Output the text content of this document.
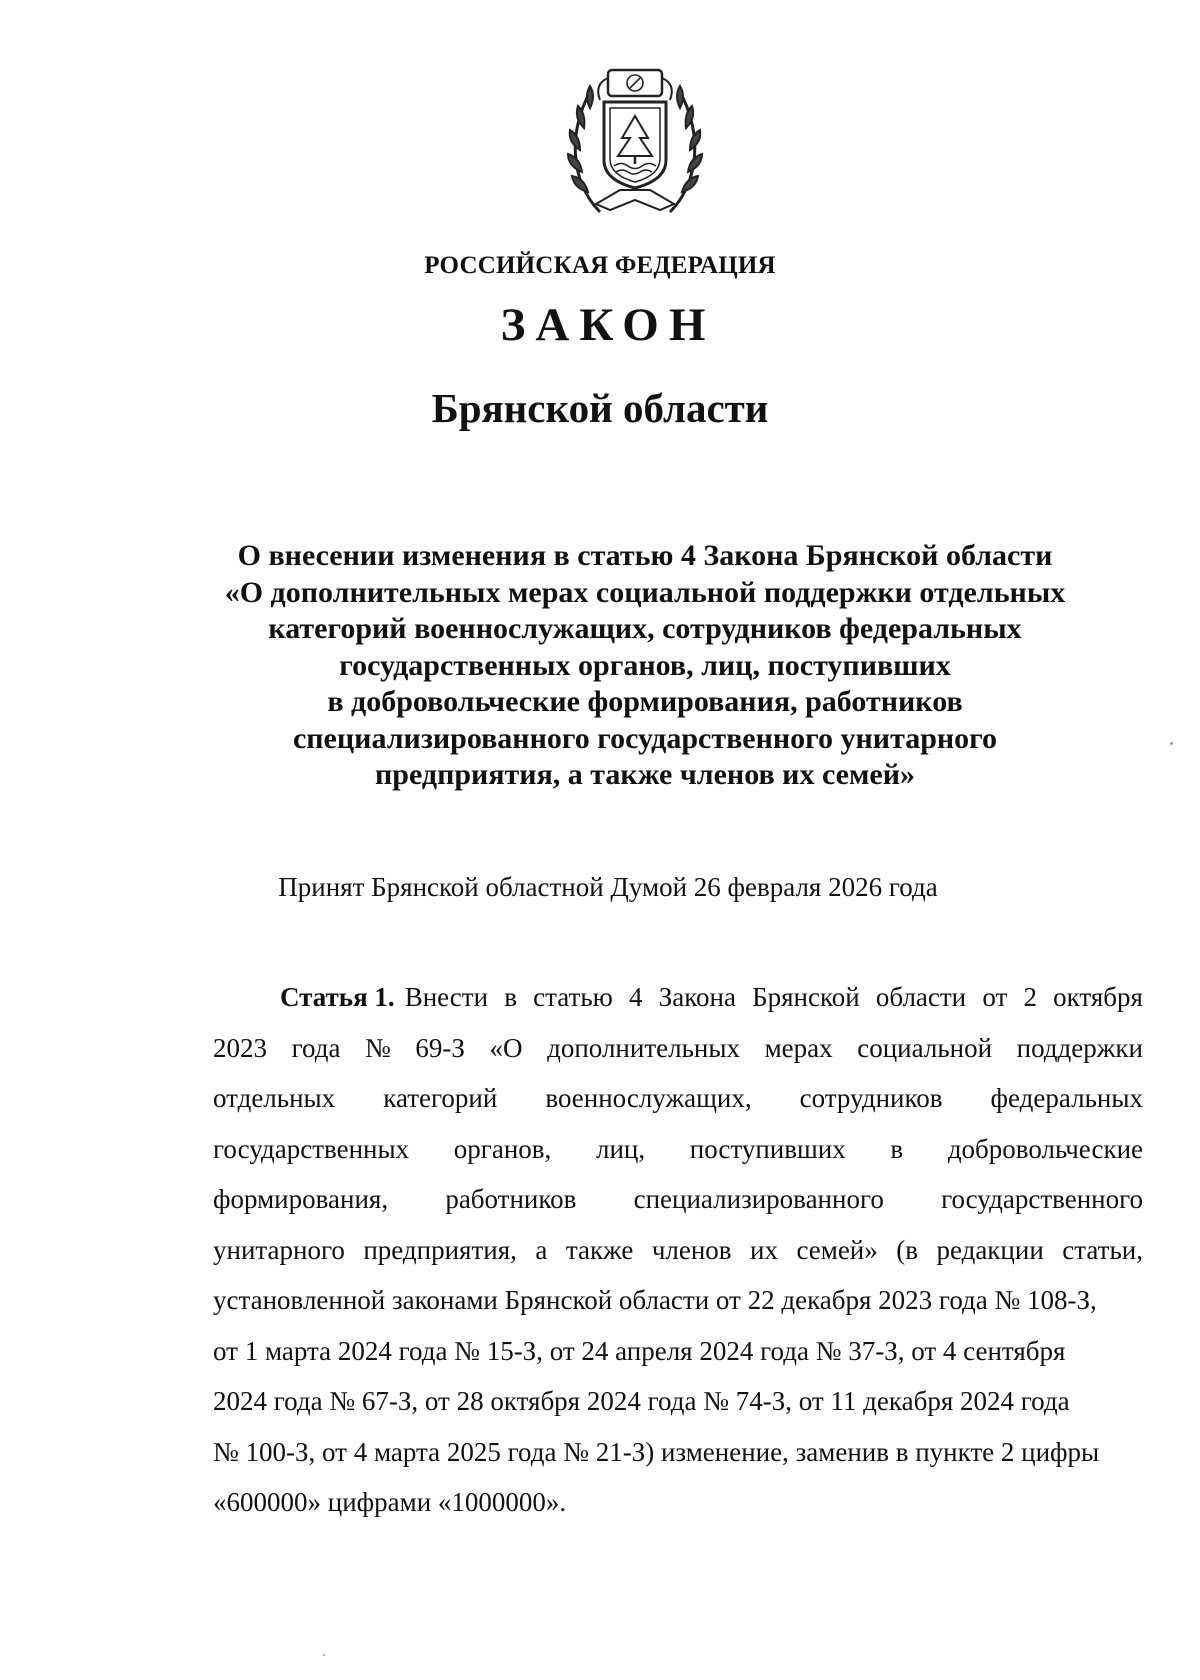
РОССИЙСКАЯ ФЕДЕРАЦИЯ
ЗАКОН
Брянской области
О внесении изменения в статью 4 Закона Брянской области
«О дополнительных мерах социальной поддержки отдельных
категорий военнослужащих, сотрудников федеральных
государственных органов, лиц, поступивших
в добровольческие формирования, работников
специализированного государственного унитарного
предприятия, а также членов их семей»
Принят Брянской областной Думой 26 февраля 2026 года
Статья 1. Внести в статью 4 Закона Брянской области от 2 октября
2023 года № 69-З «О дополнительных мерах социальной поддержки
отдельных категорий военнослужащих, сотрудников федеральных
государственных органов, лиц, поступивших в добровольческие
формирования, работников специализированного государственного
унитарного предприятия, а также членов их семей» (в редакции статьи,
установленной законами Брянской области от 22 декабря 2023 года № 108-З,
от 1 марта 2024 года № 15-З, от 24 апреля 2024 года № 37-З, от 4 сентября
2024 года № 67-З, от 28 октября 2024 года № 74-З, от 11 декабря 2024 года
№ 100-З, от 4 марта 2025 года № 21-З) изменение, заменив в пункте 2 цифры
«600000» цифрами «1000000».
